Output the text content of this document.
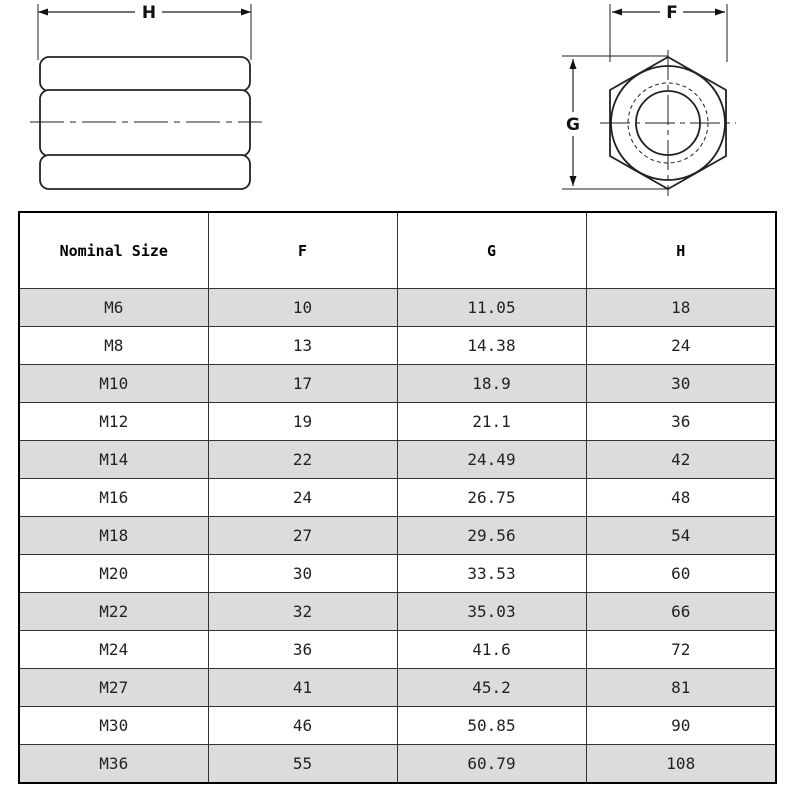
H	F
G
Nominal Size	F	G	H
M6	10	11.05	18
M8	13	14.38	24
M10	17	18.9	30
M12	19	21.1	36
M14	22	24.49	42
M16	24	26.75	48
M18	27	29.56	54
M20	30	33.53	60
M22	32	35.03	66
M24	36	41.6	72
M27	41	45.2	81
M30	46	50.85	90
M36	55	60.79	108
